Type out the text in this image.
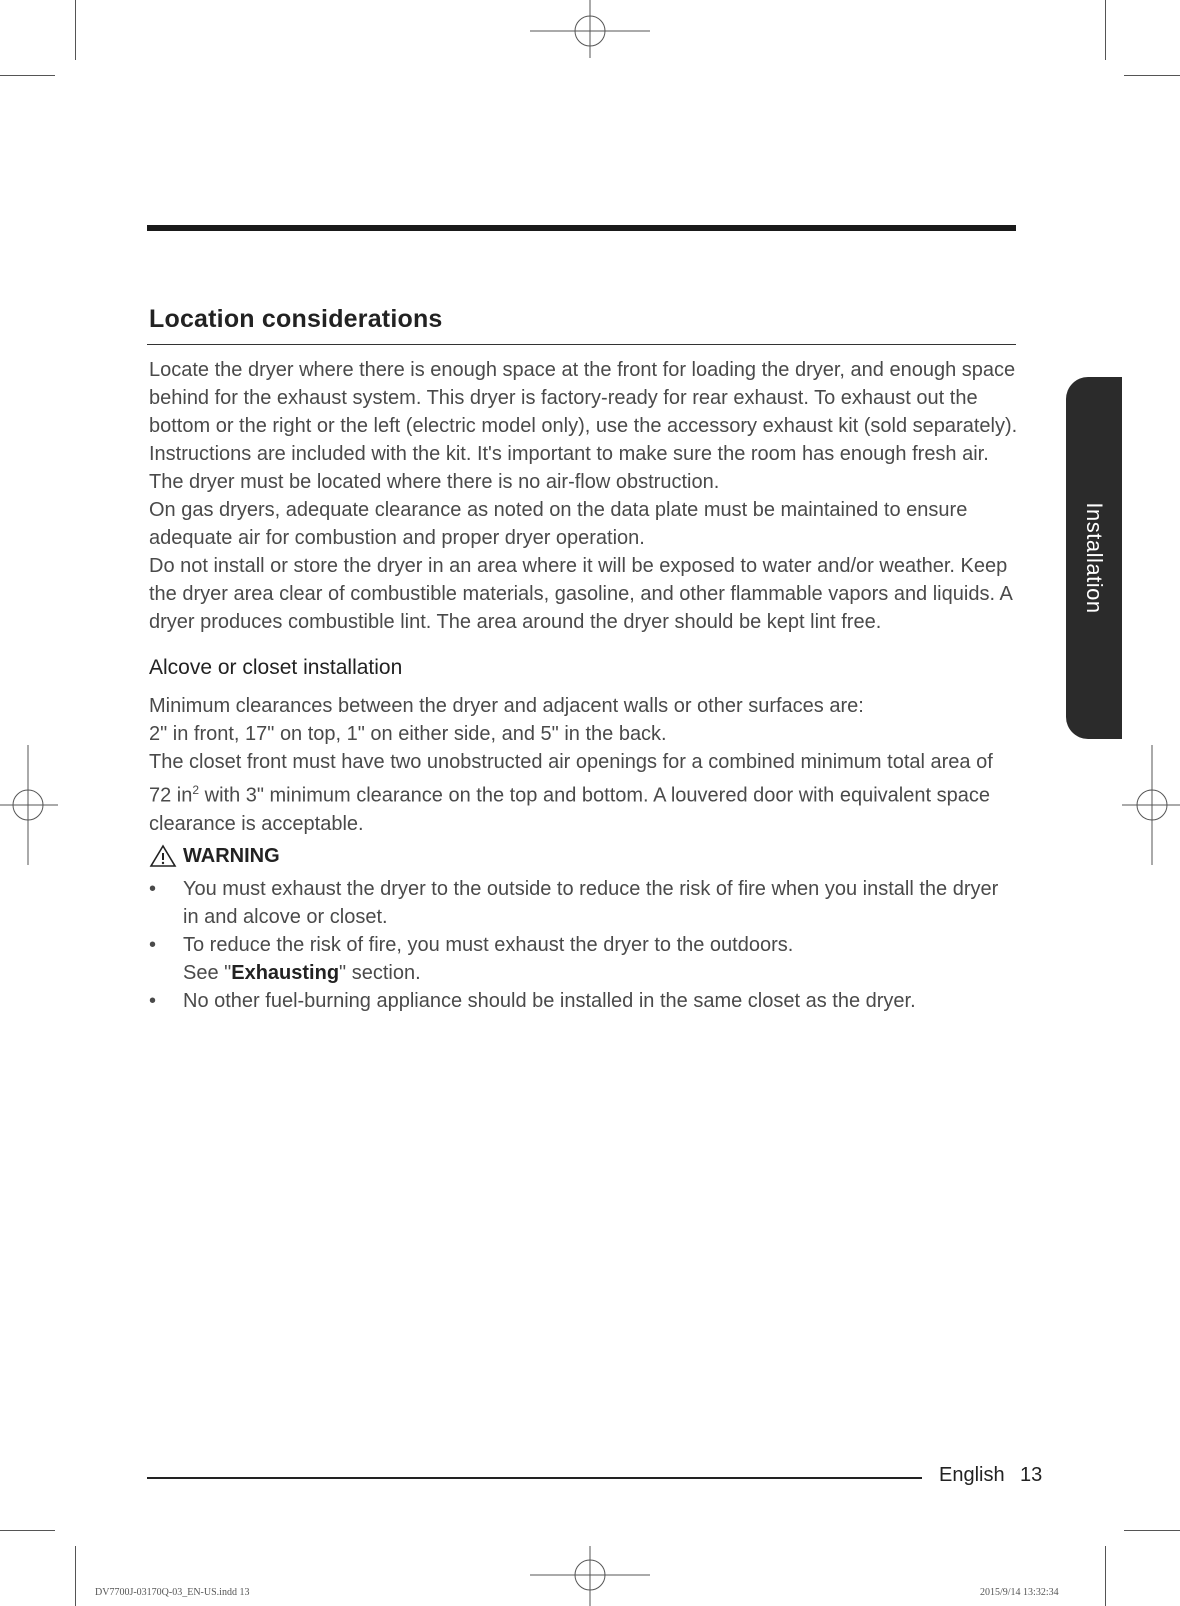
Location considerations

Locate the dryer where there is enough space at the front for loading the dryer, and enough space behind for the exhaust system. This dryer is factory-ready for rear exhaust. To exhaust out the bottom or the right or the left (electric model only), use the accessory exhaust kit (sold separately). Instructions are included with the kit. It's important to make sure the room has enough fresh air. The dryer must be located where there is no air-flow obstruction.

On gas dryers, adequate clearance as noted on the data plate must be maintained to ensure adequate air for combustion and proper dryer operation.

Do not install or store the dryer in an area where it will be exposed to water and/or weather. Keep the dryer area clear of combustible materials, gasoline, and other flammable vapors and liquids. A dryer produces combustible lint. The area around the dryer should be kept lint free.

Alcove or closet installation

Minimum clearances between the dryer and adjacent walls or other surfaces are:

2" in front, 17" on top, 1" on either side, and 5" in the back.

The closet front must have two unobstructed air openings for a combined minimum total area of 72 $in^2$ with 3" minimum clearance on the top and bottom. A louvered door with equivalent space clearance is acceptable.

WARNING
• You must exhaust the dryer to the outside to reduce the risk of fire when you install the dryer in and alcove or closet.
• To reduce the risk of fire, you must exhaust the dryer to the outdoors.
See "Exhausting" section.
• No other fuel-burning appliance should be installed in the same closet as the dryer.
Installation
English 13
DV7700J-03170Q-03_EN-US.indd 13	2015/9/14 13:32:34
